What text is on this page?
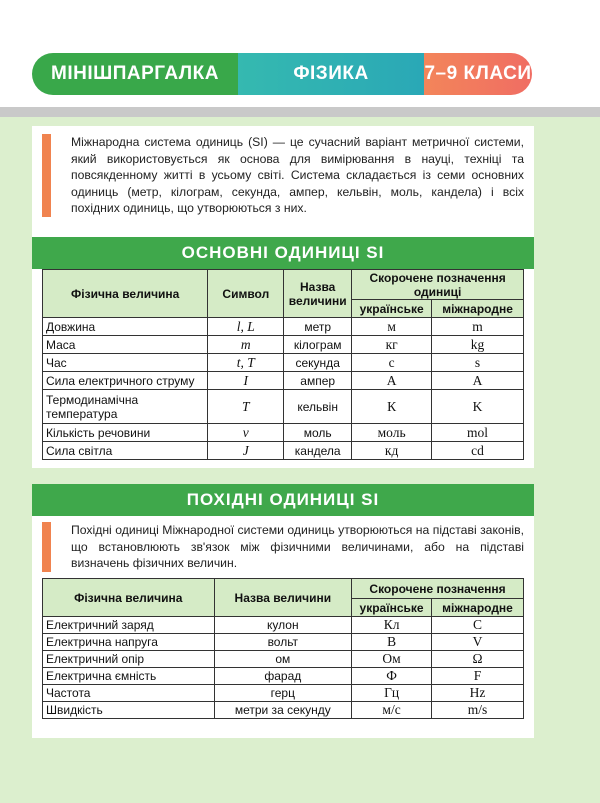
МІНІШПАРГАЛКА	ФІЗИКА	7–9 КЛАСИ

Міжнародна система одиниць (SI) — це сучасний варіант метричної системи, який використовується як основа для вимірювання в науці, техніці та повсякденному житті в усьому світі. Система складається із семи основних одиниць (метр, кілограм, секунда, ампер, кельвін, моль, кандела) і всіх похідних одиниць, що утворюються з них.

ОСНОВНІ ОДИНИЦІ SI
Фізична величина	Символ	Назва величини	Скорочене позначення одиниці	
			українське	міжнародне
Довжина	l, L	метр	м	m
Маса	m	кілограм	кг	kg
Час	t, T	секунда	с	s
Сила електричного струму	I	ампер	А	A
Термодинамічна температура	T	кельвін	К	K
Кількість речовини	ν	моль	моль	mol
Сила світла	J	кандела	кд	cd
ПОХІДНІ ОДИНИЦІ SI

Похідні одиниці Міжнародної системи одиниць утворюються на підставі законів, що встановлюють зв'язок між фізичними величинами, або на підставі визначень фізичних величин.

Фізична величина	Назва величини	Скорочене позначення	
		українське	міжнародне
Електричний заряд	кулон	Кл	C
Електрична напруга	вольт	В	V
Електричний опір	ом	Ом	Ω
Електрична ємність	фарад	Ф	F
Частота	герц	Гц	Hz
Швидкість	метри за секунду	м/с	m/s
